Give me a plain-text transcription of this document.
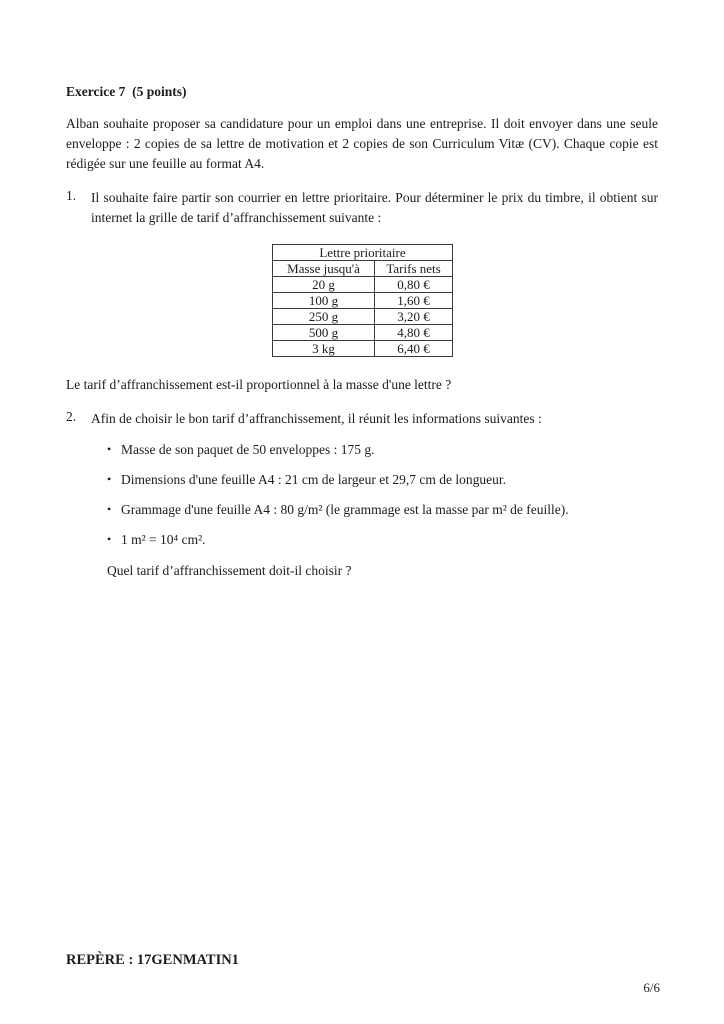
Exercice 7  (5 points)

Alban souhaite proposer sa candidature pour un emploi dans une entreprise. Il doit envoyer dans une seule enveloppe : 2 copies de sa lettre de motivation et 2 copies de son Curriculum Vitæ (CV). Chaque copie est rédigée sur une feuille au format A4.

1.	Il souhaite faire partir son courrier en lettre prioritaire. Pour déterminer le prix du timbre, il obtient sur internet la grille de tarif d’affranchissement suivante :
Lettre prioritaire	
Masse jusqu'à	Tarifs nets
20 g	0,80 €
100 g	1,60 €
250 g	3,20 €
500 g	4,80 €
3 kg	6,40 €

Le tarif d’affranchissement est-il proportionnel à la masse d'une lettre ?

2.	Afin de choisir le bon tarif d’affranchissement, il réunit les informations suivantes :
• Masse de son paquet de 50 enveloppes : 175 g.
• Dimensions d'une feuille A4 : 21 cm de largeur et 29,7 cm de longueur.
• Grammage d'une feuille A4 : 80 g/m² (le grammage est la masse par m² de feuille).
• 1 m² = 10⁴ cm².

Quel tarif d’affranchissement doit-il choisir ?

REPÈRE : 17GENMATIN1
6/6
